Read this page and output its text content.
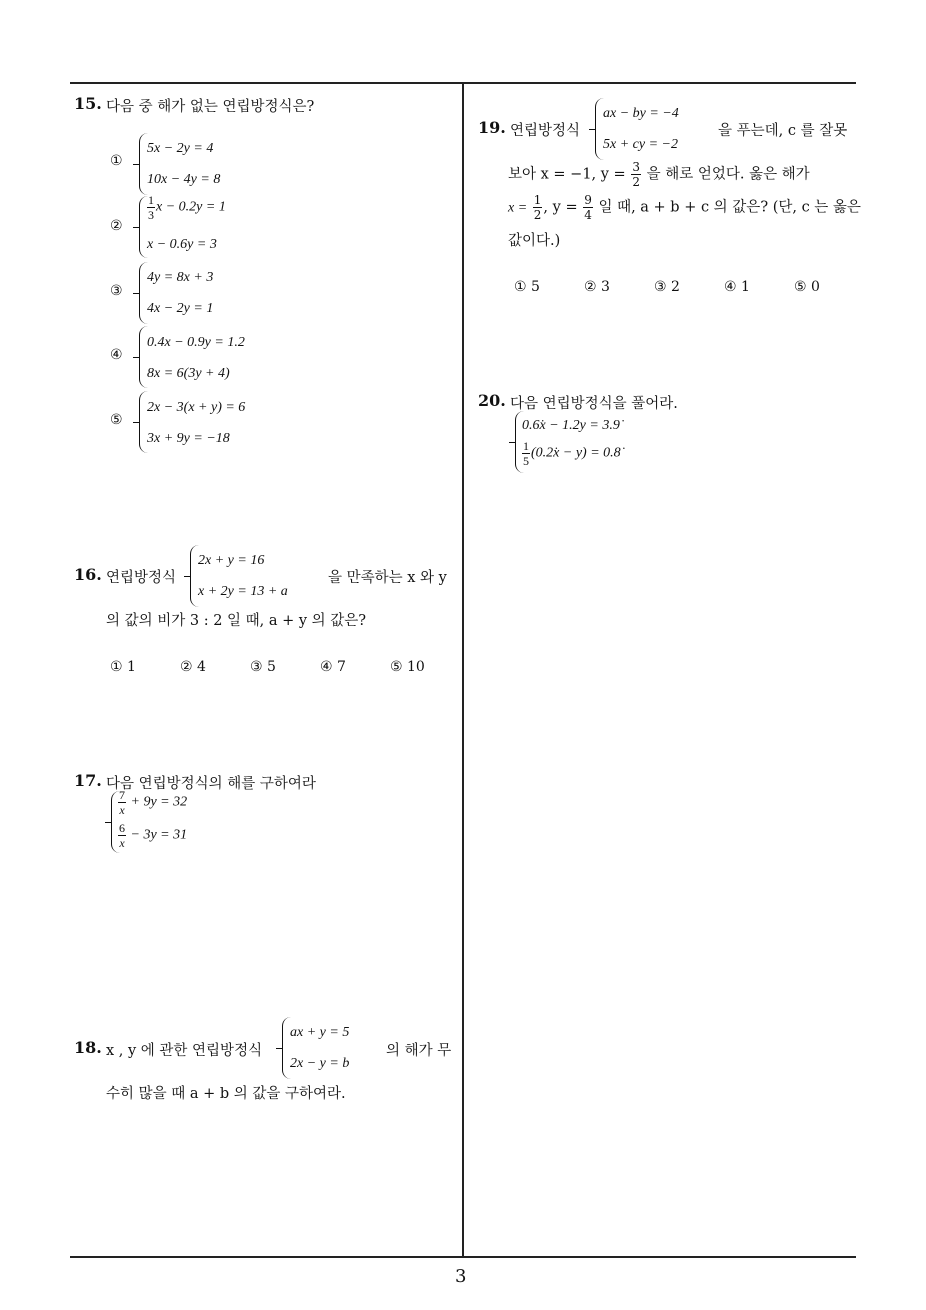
3
15. 다음 중 해가 없는 연립방정식은?
①
5x − 2y = 4
10x − 4y = 8
②
$\frac{1}{3}$ x − 0.2y = 1
x − 0.6y = 3
③
4y = 8x + 3
4x − 2y = 1
④
0.4x − 0.9y = 1.2
8x = 6(3y + 4)
⑤
2x − 3(x + y) = 6
3x + 9y = −18
16. 연립방정식
2x + y = 16
x + 2y = 13 + a
을 만족하는 x 와 y
의 값의 비가 3 : 2 일 때, a + y 의 값은?
① 1	② 4	③ 5	④ 7	⑤ 10
17. 다음 연립방정식의 해를 구하여라
$\frac{7}{x} + 9y = 32$
$\frac{6}{x} - 3y = 31$
18. x , y 에 관한 연립방정식
ax + y = 5
2x − y = b
의 해가 무
수히 많을 때 a + b 의 값을 구하여라.
19. 연립방정식
ax − by = −4
5x + cy = −2
을 푸는데, c 를 잘못
보아 x = −1, $y = \frac{3}{2}$ 을 해로 얻었다. 옳은 해가
$x = \frac{1}{2}$ , $y = \frac{9}{4}$ 일 때, a + b + c 의 값은? (단, c 는 옳은
값이다.)
① 5	② 3	③ 2	④ 1	⑤ 0
20. 다음 연립방정식을 풀어라.
0.6̇x − 1.2y = 3.9̇
$\frac{1}{5}$ (0.2̇x − y) = 0.8̇
